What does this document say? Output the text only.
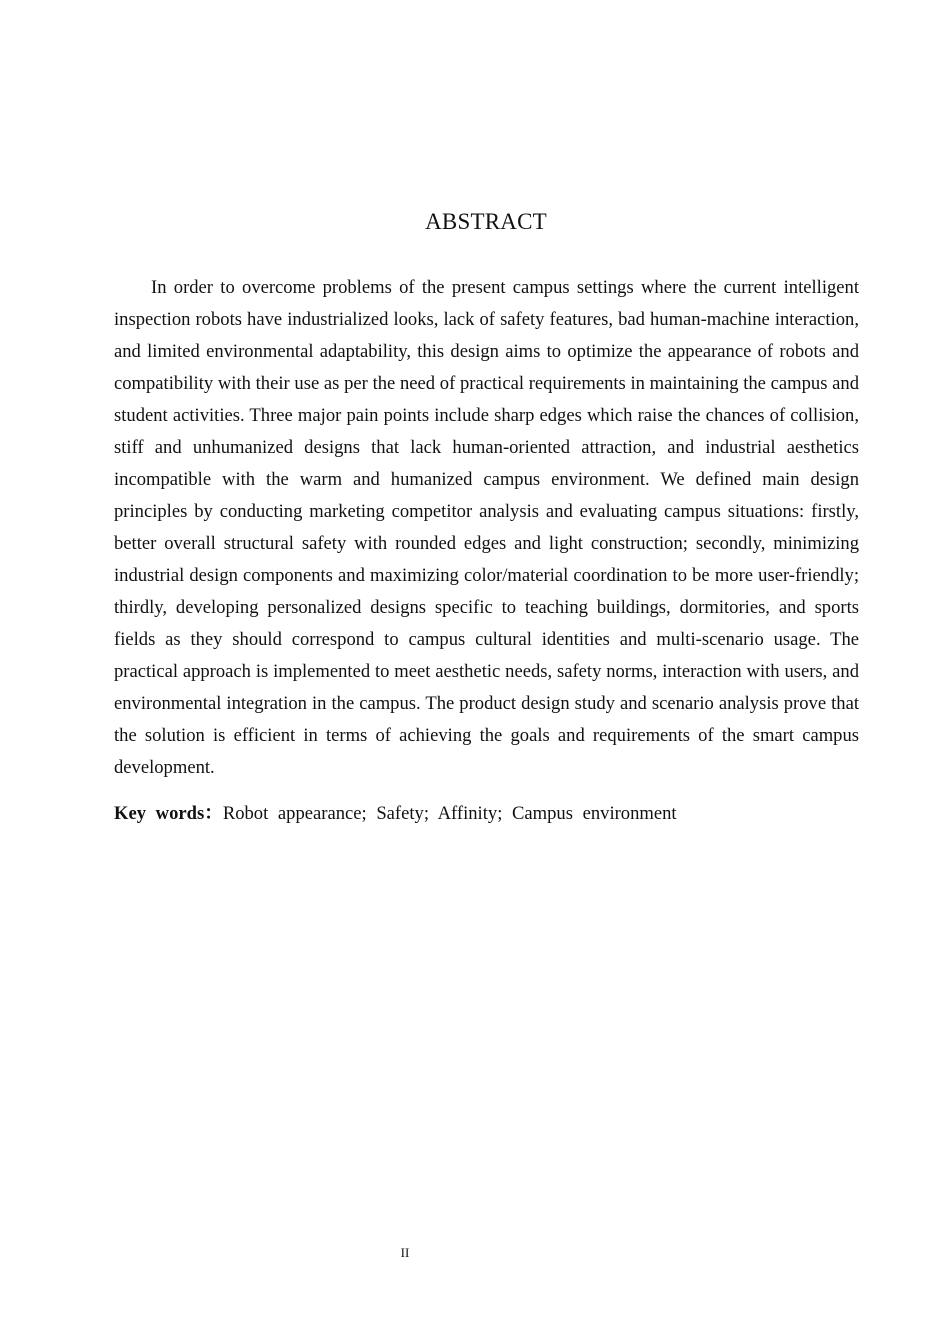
ABSTRACT

In order to overcome problems of the present campus settings where the current intelligent inspection robots have industrialized looks, lack of safety features, bad human-machine interaction, and limited environmental adaptability, this design aims to optimize the appearance of robots and compatibility with their use as per the need of practical requirements in maintaining the campus and student activities. Three major pain points include sharp edges which raise the chances of collision, stiff and unhumanized designs that lack human-oriented attraction, and industrial aesthetics incompatible with the warm and humanized campus environment. We defined main design principles by conducting marketing competitor analysis and evaluating campus situations: firstly, better overall structural safety with rounded edges and light construction; secondly, minimizing industrial design components and maximizing color/material coordination to be more user-friendly; thirdly, developing personalized designs specific to teaching buildings, dormitories, and sports fields as they should correspond to campus cultural identities and multi-scenario usage. The practical approach is implemented to meet aesthetic needs, safety norms, interaction with users, and environmental integration in the campus. The product design study and scenario analysis prove that the solution is efficient in terms of achieving the goals and requirements of the smart campus development.

Key words：Robot appearance; Safety; Affinity; Campus environment
II
